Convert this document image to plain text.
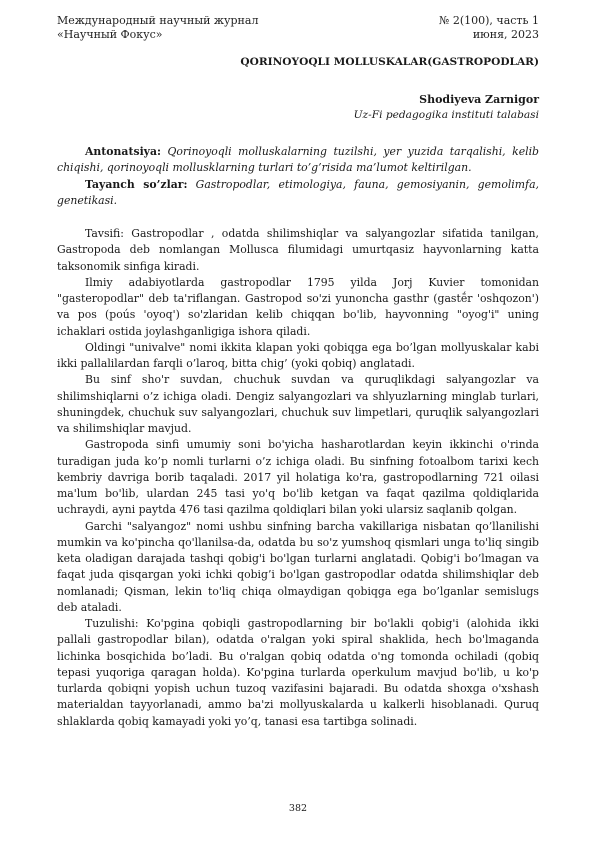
Международный научный журнал
«Научный Фокус»
№ 2(100), часть 1
июня, 2023
QORINOYOQLI MOLLUSKALAR(GASTROPODLAR)
Shodiyeva Zarnigor
Uz-Fi pedagogika instituti talabasi

Antonatsiya: Qorinoyoqli molluskalarning tuzilshi, yer yuzida tarqalishi, kelib chiqishi, qorinoyoqli mollusklarning turlari to’g’risida ma’lumot keltirilgan.

Tayanch so’zlar: Gastropodlar, etimologiya, fauna, gemosiyanin, gemolimfa, genetikasi.

Tavsifi: Gastropodlar , odatda shilimshiqlar va salyangozlar sifatida tanilgan, Gastropoda deb nomlangan Mollusca filumidagi umurtqasiz hayvonlarning katta taksonomik sinfiga kiradi.

Ilmiy adabiyotlarda gastropodlar 1795 yilda Jorj Kuvier tomonidan "gasteropodlar" deb ta'riflangan. Gastropod so'zi yunoncha gasthr (gastḗr 'oshqozon') va pos (poús 'oyoq') so'zlaridan kelib chiqqan bo'lib, hayvonning "oyog'i" uning ichaklari ostida joylashganligiga ishora qiladi.

Oldingi "univalve" nomi ikkita klapan yoki qobiqga ega bo’lgan mollyuskalar kabi ikki pallalilardan farqli o’laroq, bitta chig’ (yoki qobiq) anglatadi.

Bu sinf sho'r suvdan, chuchuk suvdan va quruqlikdagi salyangozlar va shilimshiqlarni o’z ichiga oladi. Dengiz salyangozlari va shlyuzlarning minglab turlari, shuningdek, chuchuk suv salyangozlari, chuchuk suv limpetlari, quruqlik salyangozlari va shilimshiqlar mavjud.

Gastropoda sinfi umumiy soni bo'yicha hasharotlardan keyin ikkinchi o'rinda turadigan juda ko’p nomli turlarni o’z ichiga oladi. Bu sinfning fotoalbom tarixi kech kembriy davriga borib taqaladi. 2017 yil holatiga ko'ra, gastropodlarning 721 oilasi ma'lum bo'lib, ulardan 245 tasi yo'q bo'lib ketgan va faqat qazilma qoldiqlarida uchraydi, ayni paytda 476 tasi qazilma qoldiqlari bilan yoki ularsiz saqlanib qolgan.

Garchi "salyangoz" nomi ushbu sinfning barcha vakillariga nisbatan qo’llanilishi mumkin va ko'pincha qo'llanilsa-da, odatda bu so'z yumshoq qismlari unga to'liq singib keta oladigan darajada tashqi qobig'i bo'lgan turlarni anglatadi. Qobig'i bo’lmagan va faqat juda qisqargan yoki ichki qobig’i bo'lgan gastropodlar odatda shilimshiqlar deb nomlanadi; Qisman, lekin to'liq chiqa olmaydigan qobiqga ega bo’lganlar semislugs deb ataladi.

Tuzulishi: Ko'pgina qobiqli gastropodlarning bir bo'lakli qobig'i (alohida ikki pallali gastropodlar bilan), odatda o'ralgan yoki spiral shaklida, hech bo'lmaganda lichinka bosqichida bo’ladi. Bu o'ralgan qobiq odatda o'ng tomonda ochiladi (qobiq tepasi yuqoriga qaragan holda). Ko'pgina turlarda operkulum mavjud bo'lib, u ko'p turlarda qobiqni yopish uchun tuzoq vazifasini bajaradi. Bu odatda shoxga o'xshash materialdan tayyorlanadi, ammo ba'zi mollyuskalarda u kalkerli hisoblanadi. Quruq shlaklarda qobiq kamayadi yoki yo’q, tanasi esa tartibga solinadi.

382
